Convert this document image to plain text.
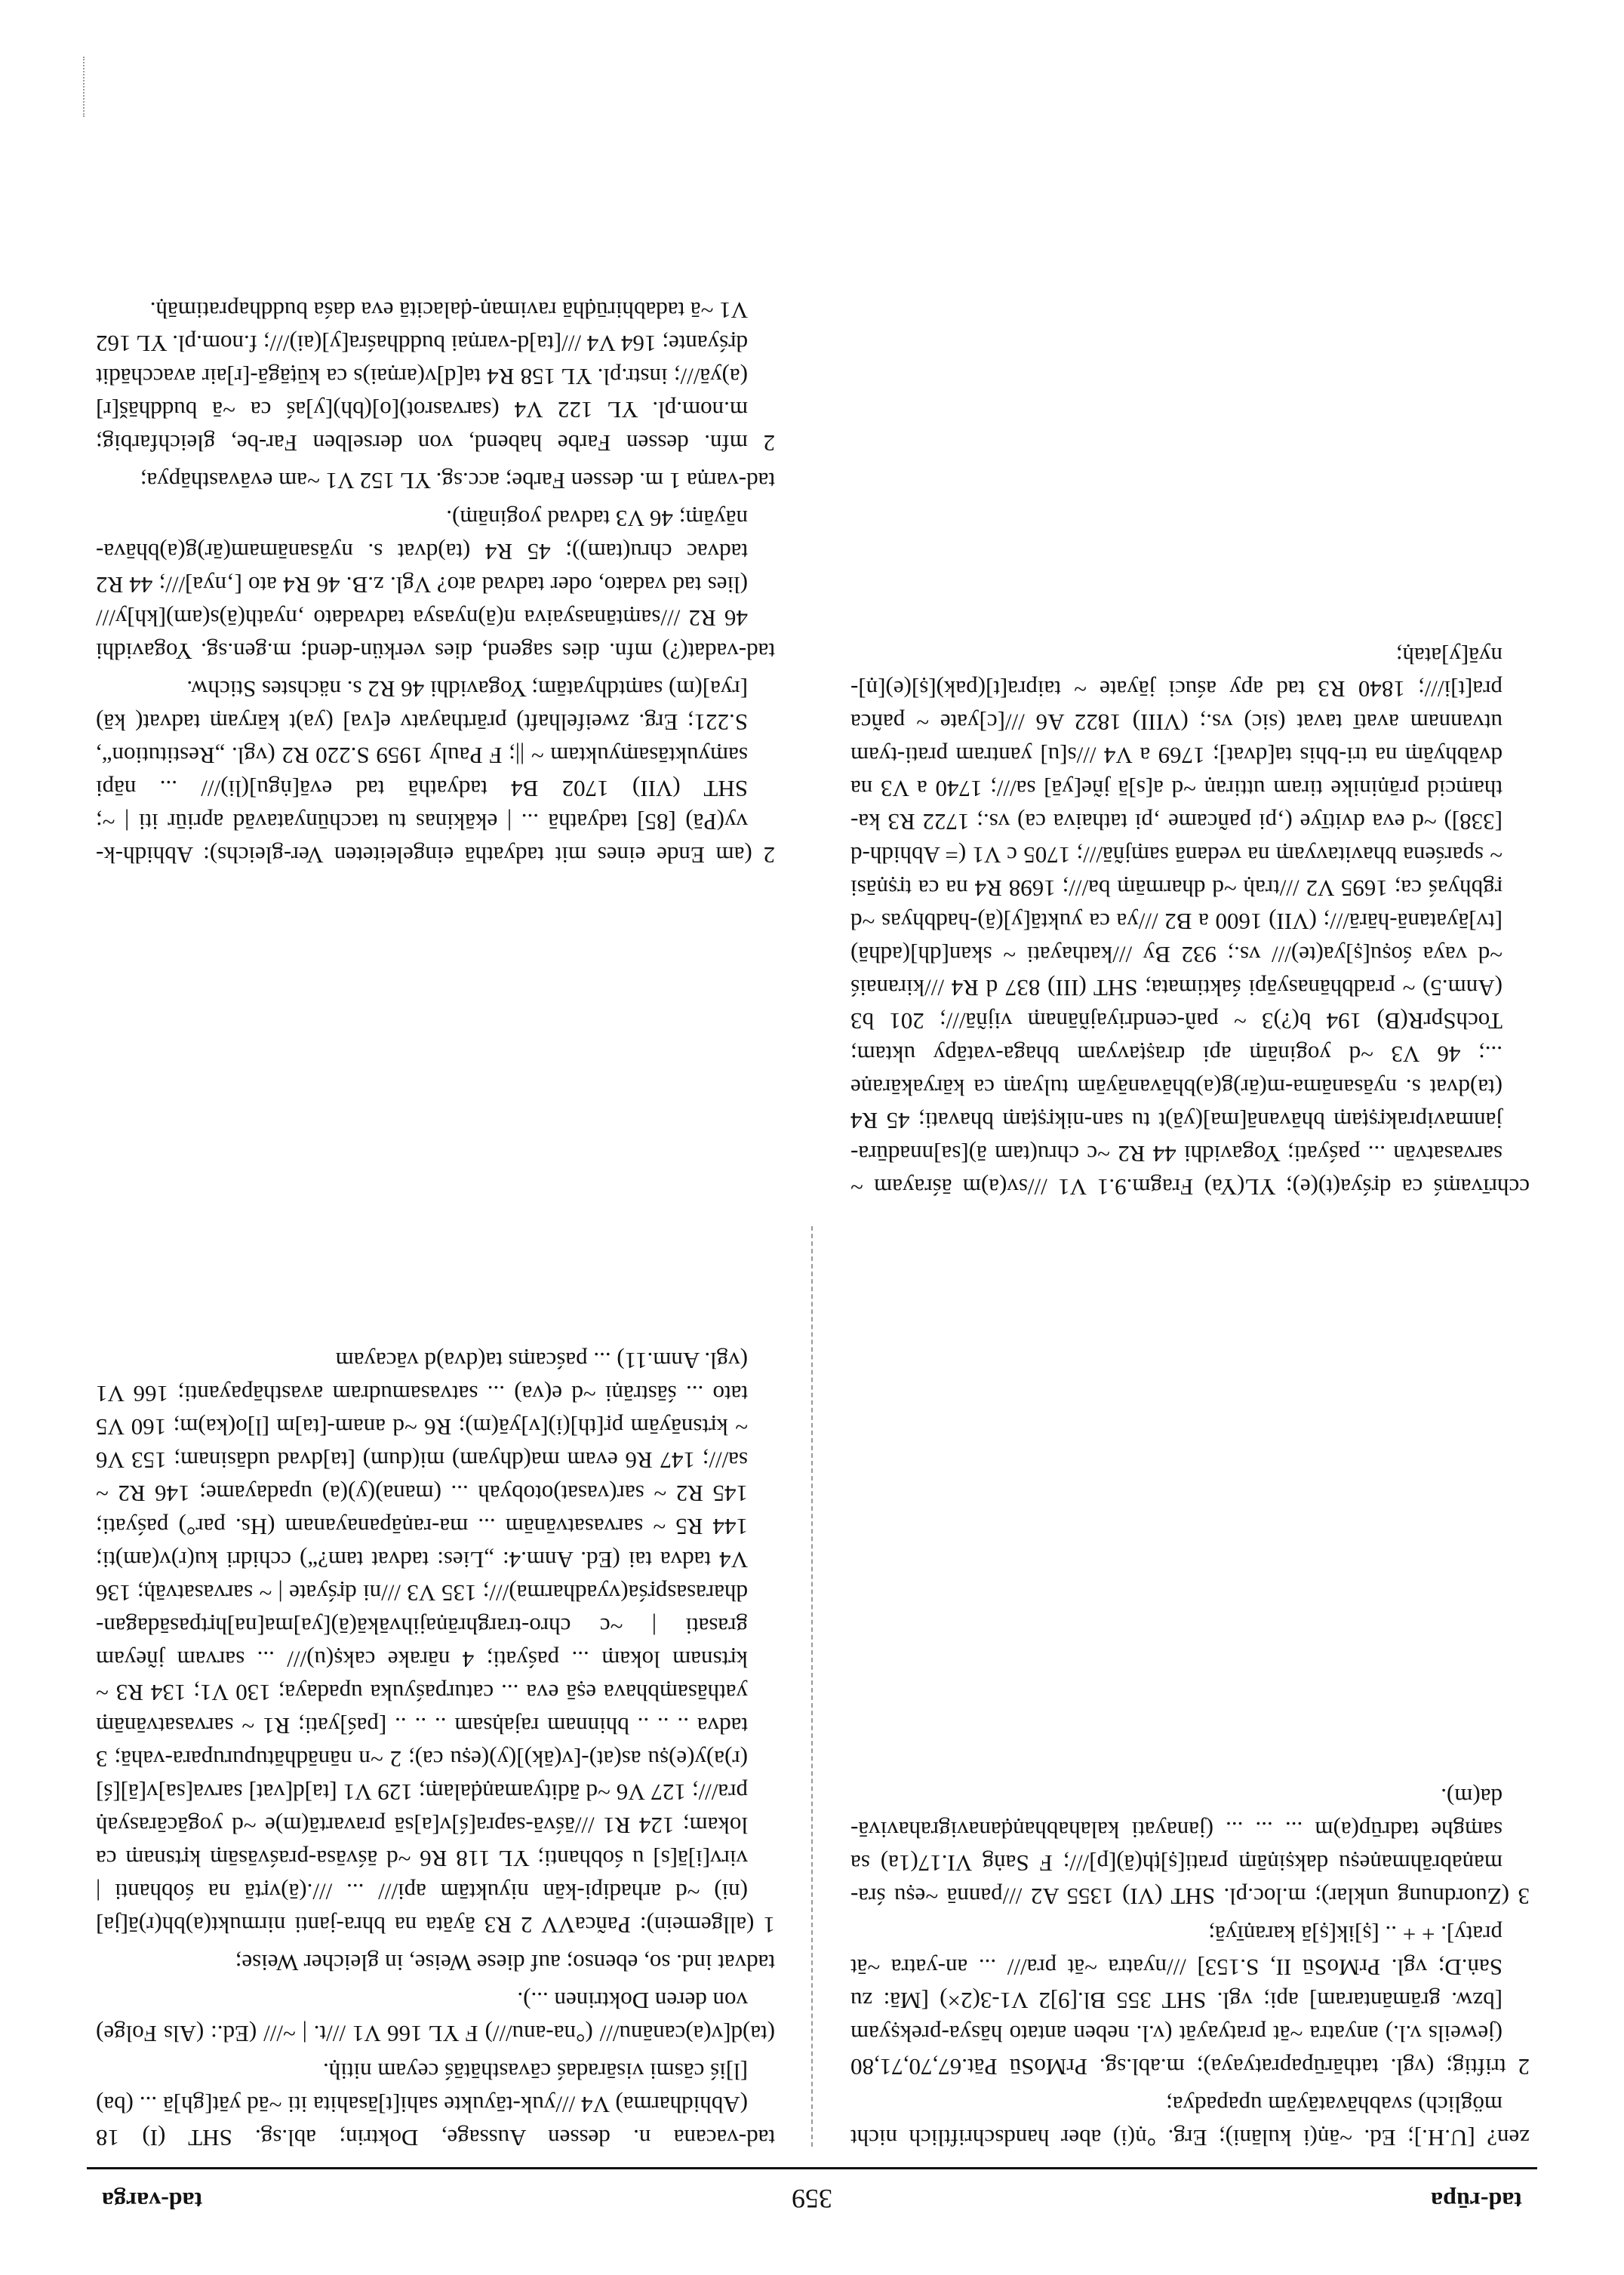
tad-rūpa
359
tad-varga

zen? [U.H.]; Ed. ~āṇ(i kulāni); Erg. °ṇ(i) aber handschriftlich nicht möglich) svabhāvatāyām upapadya;

2 triftig; (vgl. tathārūpapratyaya); m.abl.sg. PrMoSū Pāt.67,70,71,80 (jeweils v.l.) anyatra ~āt pratyayāt (v.l. neben antato hāsya-prekṣyam [bzw. grāmāntaram] api; vgl. SHT 355 Bl.[9]2 V1-3(2×) [Mā: zu Saṅ.D; vgl. PrMoSū II, S.153] ///nyatra ~āt pra/// ... an-yatra ~āt praty]. + + .. [ṣ]ik[ṣ]ā karaṇīyā;

3 (Zuordnung unklar); m.loc.pl. SHT (VI) 1355 A2 ///pannā ~eṣu śra-maṇabrāhmaṇeṣu dakṣiṇāṃ prati[ṣ]ṭh(ā)[p]///; F Saṅg VI.17(1a) sa saṃghe tadrūp(a)m ... ... ... (janayati kalahabhaṇḍanavigrahavivā-da(m).

tad-vacana n. dessen Aussage, Doktrin; abl.sg. SHT (I) 18 (Abhidharma) V4 ///yuk-tāyukte sahi[t]āsahita iti ~ād yāt[gh]ā ... (ba)[l]iś cāsmi visāradaś cāvasthātāś ceyam nitiḥ.

(ta)d[v(a)canānu/// (°na-anu///) F YL 166 V1 ///t. | ~/// (Ed.: (Als Folge) von deren Doktrinen ...).

tadvat ind. so, ebenso; auf diese Weise, in gleicher Weise;

1 (allgemein): PañcaVV 2 R3 āyāta na bhra-janti nirmukt(a)bh(r)ā[ja](ni) ~d arhadipi-kān niyuktām api/// ... ///.(ā)vṛtā na śobhanti | virv[i]ā[s] u śobhanti; YL 118 R6 ~d āśvāsa-praśvāsāṃ kṛtsnaṃ ca lokam; 124 R1 ///āśvā-sapra[ś]v[a]sā pravartā(m)e ~d yogācārasyaḥ pra///; 127 V6 ~d ādityamaṇḍalaṃ; 129 V1 [ta]d[vat] sarva[sa]v[ā][ś](r)a)y(e)ṣu as(at)-[v(āk)](y)(eṣu ca); 2 ~n nānādhātupurupara-vahā; 3 tadva .. .. .. bhinnam rajaḥsam .. .. .. [paś]yati; R1 ~ sarvasatvānāṃ yathāsaṃbhava eṣā eva ... caturpaśyuka upadaya; 130 V1; 134 R3 ~ kṛtsnam lokaṃ ... paśyati; 4 nārake cakṣ(u)/// ... sarvam jñeyam grasati | ~c chro-trarghrāṇajihvākā(ā)[ya]ma[na]hṛtpasādagan-dharasaspṛśa(vyadharma)///; 135 V3 ///ni dṛśyate | ~ sarvasatvāḥ; 136 V4 tadva tai (Ed. Anm.4: „Lies: tadvat tam?“) cchidri ku(r)v(am)ti; 144 R5 ~ sarvasatvānām ... ma-raṇāpanayanam (Hs. par°) paśyati; 145 R2 ~ sar(vasat)otobyah ... (mana)(y)(a) upadayame; 146 R2 ~ sa///; 147 R6 evam ma(dhyam) mi(dum) [ta]dvad udāsinam; 153 V6 ~ kṛtsnāyām pṛ[th](i)[v]yā(m); R6 ~d anam-[ta]m [l]o(ka)m; 160 V5 tato ... śāstrāṇi ~d e(va) ... satvasamudram avasthāpayanti; 166 V1 (vgl. Anm.11) ... paścaṃs ta(dva)d vācayam

cchrīvaṃś ca dṛśya(t)(e); YL(Ya) Fragm.9.1 V1 ///sv(a)m āśrayam ~ sarvasatvān ... paśyati; Yogavidhi 44 R2 ~c chru(tam ā)[sa]nnadūra-janmaviprakṛṣṭaṃ bhāvanā[ma](yā)t tu san-nikṛṣṭaṃ bhavati; 45 R4 (ta)dvat s. nyāsanāma-m(ār)g(a)bhāvanāyām tulyaṃ ca kāryakāraṇe ...; 46 V3 ~d yogināṃ api draṣṭavyam bhaga-vatāpy uktam; TochSprR(B) 194 b(?)3 ~ pañ-cendriyajñānaṃ vijñā///; 201 b3 (Anm.5) ~ pradbhānasyāpi śaktimata; SHT (III) 837 d R4 ///kiranaiś ~d vaya śoṣu[ṣ]ya(te)/// vs.; 932 By ///kathayati ~ skan[dh](adhā)[tv]āyatanā-hārā///; (VII) 1600 a B2 ///ya ca yuktā[y](ā)-hadbhyas ~d ṛgbhyaś ca; 1695 V2 ///traḥ ~d dharmāṃ ba///; 1698 R4 na ca tṛṣṇāsi ~ sparśena bhavitavyaṃ na vedanā saṃjñā///; 1705 c V1 (= Abhidh-d [338]) ~d eva dvitīye (‚pi pañcame ‚pi tathaiva ca) vs.; 1722 R3 ka-thaṃcid prāṇinike tiram uttiraṇ ~d a[s]ā jñe[yā] sa///; 1740 a V3 na dvābhyāṃ na tri-bhis ta[dvat]; 1769 a V4 ///s[u] yantram prati-tyam utvannam avatī tavat (sic) vs.; (VIII) 1822 A6 ///[c]yate ~ pañca pra[t]i///; 1840 R3 tad apy aśuci jāyate ~ taipra[t](pak)[ṣ](e)[ṇ]-nyā[y]ataḥ;

2 (am Ende eines mit tadyathā eingeleiteten Ver-gleichs): Abhidh-k-vy(Pā) [85] tadyathā ... | ekākinas tu tacchūnyatavād apriūr iti | ~; SHT (VII) 1702 B4 tadyathā tad evā[ṅgu](li)/// ... nāpi saṃyuktāsaṃyuktam ~ ||; F Pauly 1959 S.220 R2 (vgl. „Restitution“, S.221; Erg. zweifelhaft) prārthayatv e[va] (ya)t kāryaṃ tadvat( kā)[rya](m) saṃtdhyatām; Yogavidhi 46 R2 s. nächstes Stichw.

tad-vadat(?) mfn. dies sagend, dies verkün-dend; m.gen.sg. Yogavidhi 46 R2 ///saṃtānasyaiva n(ā)nyasya tadvadato ‚nyath(ā)s(am)[kh]y/// (lies tad vadato, oder tadvad ato? Vgl. z.B. 46 R4 ato [‚nya]///; 44 R2 tadvac chru(tam)); 45 R4 (ta)dvat s. nyāsanāmam(ār)g(a)bhāva-nāyāṃ; 46 V3 tadvad yogināṃ).

tad-varṇa 1 m. dessen Farbe; acc.sg. YL 152 V1 ~am evāvasthāpya;

2 mfn. dessen Farbe habend, von derselben Far-be, gleichfarbig; m.nom.pl. YL 122 V4 (sarvasrot)[o](bh)[y]aś ca ~ā buddhāš[r](a)yā///; instr.pl. YL 158 R4 ta[d]v(arṇai)s ca kūṭāgā-[r]air avacchādit dṛśyante; 164 V4 ///[ta]d-varṇai buddhaśra[y](ai)///; f.nom.pl. YL 162 V1 ~ā tadabhirūḍhā ravimaṇ-ḍalacitā eva daśa buddhapratimāḥ.
